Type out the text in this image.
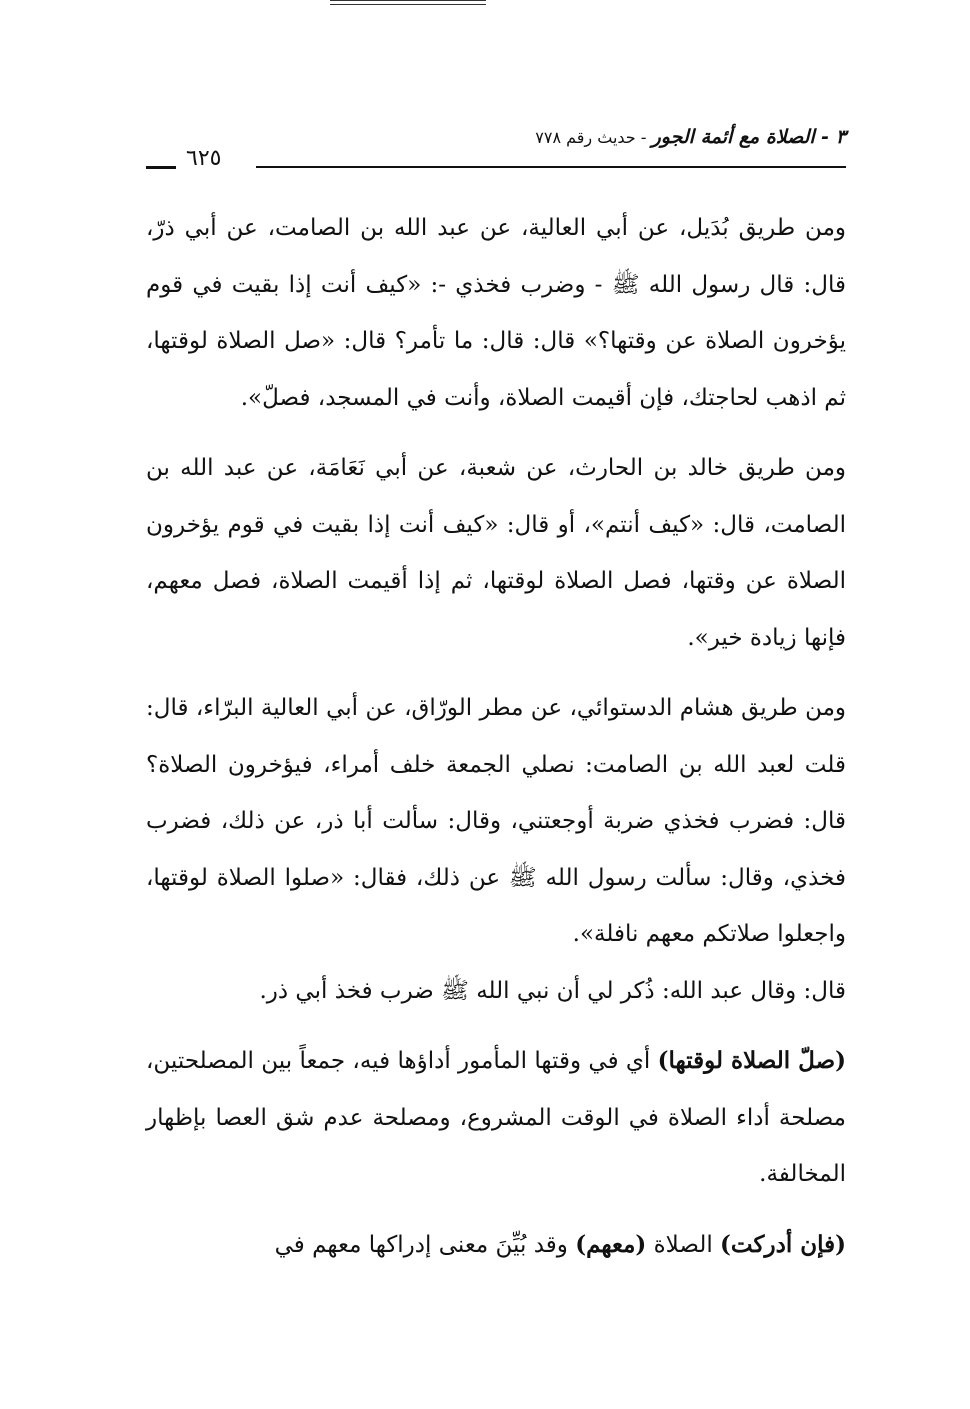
٣ - الصلاة مع أئمة الجور - حديث رقم ٧٧٨
٦٢٥

ومن طريق بُدَيل، عن أبي العالية، عن عبد الله بن الصامت، عن أبي ذرّ، قال: قال رسول الله ﷺ - وضرب فخذي -: «كيف أنت إذا بقيت في قوم يؤخرون الصلاة عن وقتها؟» قال: قال: ما تأمر؟ قال: «صل الصلاة لوقتها، ثم اذهب لحاجتك، فإن أقيمت الصلاة، وأنت في المسجد، فصلّ».

ومن طريق خالد بن الحارث، عن شعبة، عن أبي نَعَامَة، عن عبد الله بن الصامت، قال: «كيف أنتم»، أو قال: «كيف أنت إذا بقيت في قوم يؤخرون الصلاة عن وقتها، فصل الصلاة لوقتها، ثم إذا أقيمت الصلاة، فصل معهم، فإنها زيادة خير».

ومن طريق هشام الدستوائي، عن مطر الورّاق، عن أبي العالية البرّاء، قال: قلت لعبد الله بن الصامت: نصلي الجمعة خلف أمراء، فيؤخرون الصلاة؟ قال: فضرب فخذي ضربة أوجعتني، وقال: سألت أبا ذر، عن ذلك، فضرب فخذي، وقال: سألت رسول الله ﷺ عن ذلك، فقال: «صلوا الصلاة لوقتها، واجعلوا صلاتكم معهم نافلة».

قال: وقال عبد الله: ذُكر لي أن نبي الله ﷺ ضرب فخذ أبي ذر.

(صلّ الصلاة لوقتها) أي في وقتها المأمور أداؤها فيه، جمعاً بين المصلحتين، مصلحة أداء الصلاة في الوقت المشروع، ومصلحة عدم شق العصا بإظهار المخالفة.

(فإن أدركت) الصلاة (معهم) وقد بُيِّنَ معنى إدراكها معهم في
